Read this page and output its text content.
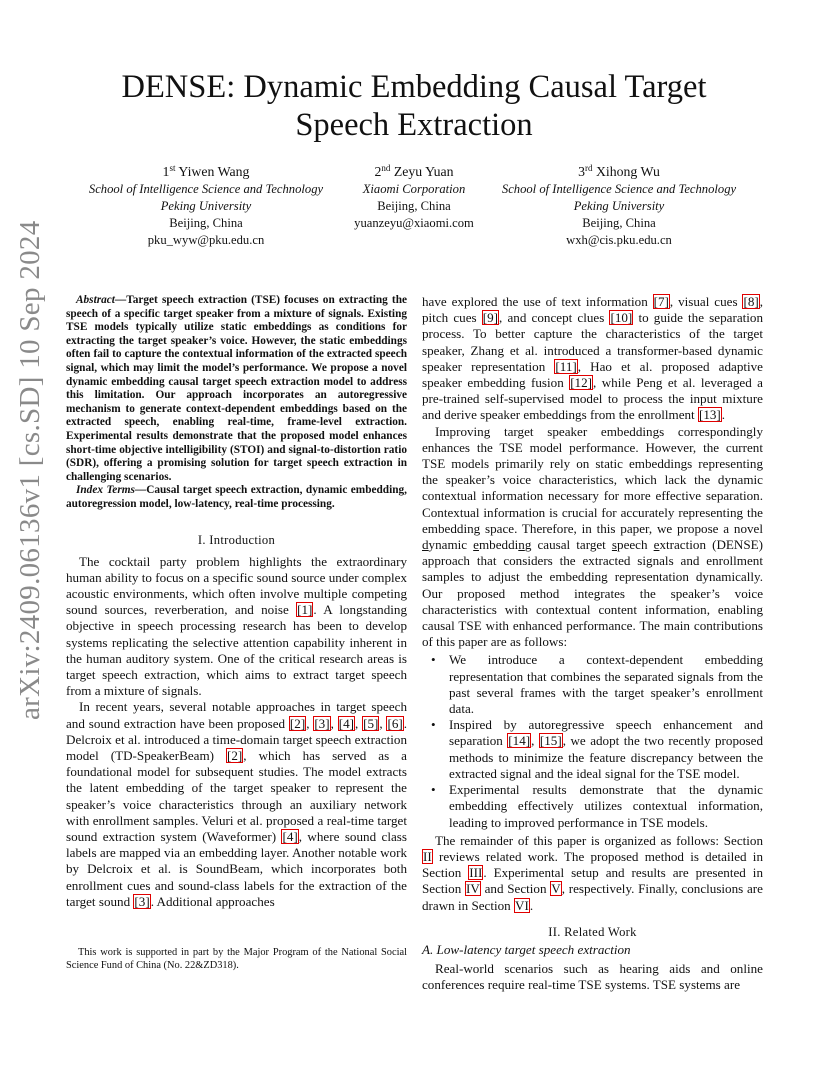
arXiv:2409.06136v1 [cs.SD] 10 Sep 2024
DENSE: Dynamic Embedding Causal Target
Speech Extraction
1st Yiwen Wang
School of Intelligence Science and Technology
Peking University
Beijing, China
pku_wyw@pku.edu.cn
2nd Zeyu Yuan
Xiaomi Corporation
Beijing, China
yuanzeyu@xiaomi.com
3rd Xihong Wu
School of Intelligence Science and Technology
Peking University
Beijing, China
wxh@cis.pku.edu.cn

Abstract—Target speech extraction (TSE) focuses on extracting the speech of a specific target speaker from a mixture of signals. Existing TSE models typically utilize static embeddings as conditions for extracting the target speaker’s voice. However, the static embeddings often fail to capture the contextual information of the extracted speech signal, which may limit the model’s performance. We propose a novel dynamic embedding causal target speech extraction model to address this limitation. Our approach incorporates an autoregressive mechanism to generate context-dependent embeddings based on the extracted speech, enabling real-time, frame-level extraction. Experimental results demonstrate that the proposed model enhances short-time objective intelligibility (STOI) and signal-to-distortion ratio (SDR), offering a promising solution for target speech extraction in challenging scenarios.

Index Terms—Causal target speech extraction, dynamic embedding, autoregression model, low-latency, real-time processing.

I. Introduction

The cocktail party problem highlights the extraordinary human ability to focus on a specific sound source under complex acoustic environments, which often involve multiple competing sound sources, reverberation, and noise [1]. A longstanding objective in speech processing research has been to develop systems replicating the selective attention capability inherent in the human auditory system. One of the critical research areas is target speech extraction, which aims to extract target speech from a mixture of signals.

In recent years, several notable approaches in target speech and sound extraction have been proposed [2], [3], [4], [5], [6]. Delcroix et al. introduced a time-domain target speech extraction model (TD-SpeakerBeam) [2], which has served as a foundational model for subsequent studies. The model extracts the latent embedding of the target speaker to represent the speaker’s voice characteristics through an auxiliary network with enrollment samples. Veluri et al. proposed a real-time target sound extraction system (Waveformer) [4], where sound class labels are mapped via an embedding layer. Another notable work by Delcroix et al. is SoundBeam, which incorporates both enrollment cues and sound-class labels for the extraction of the target sound [3]. Additional approaches

This work is supported in part by the Major Program of the National Social Science Fund of China (No. 22&ZD318).

have explored the use of text information [7], visual cues [8], pitch cues [9], and concept clues [10] to guide the separation process. To better capture the characteristics of the target speaker, Zhang et al. introduced a transformer-based dynamic speaker representation [11], Hao et al. proposed adaptive speaker embedding fusion [12], while Peng et al. leveraged a pre-trained self-supervised model to process the input mixture and derive speaker embeddings from the enrollment [13].

Improving target speaker embeddings correspondingly enhances the TSE model performance. However, the current TSE models primarily rely on static embeddings representing the speaker’s voice characteristics, which lack the dynamic contextual information necessary for more effective separation. Contextual information is crucial for accurately representing the embedding space. Therefore, in this paper, we propose a novel dynamic embedding causal target speech extraction (DENSE) approach that considers the extracted signals and enrollment samples to adjust the embedding representation dynamically. Our proposed method integrates the speaker’s voice characteristics with contextual content information, enabling causal TSE with enhanced performance. The main contributions of this paper are as follows:

• We introduce a context-dependent embedding representation that combines the separated signals from the past several frames with the target speaker’s enrollment data.
• Inspired by autoregressive speech enhancement and separation [14], [15], we adopt the two recently proposed methods to minimize the feature discrepancy between the extracted signal and the ideal signal for the TSE model.
• Experimental results demonstrate that the dynamic embedding effectively utilizes contextual information, leading to improved performance in TSE models.

The remainder of this paper is organized as follows: Section II reviews related work. The proposed method is detailed in Section III. Experimental setup and results are presented in Section IV and Section V, respectively. Finally, conclusions are drawn in Section VI.

II. Related Work
A. Low-latency target speech extraction

Real-world scenarios such as hearing aids and online conferences require real-time TSE systems. TSE systems are
